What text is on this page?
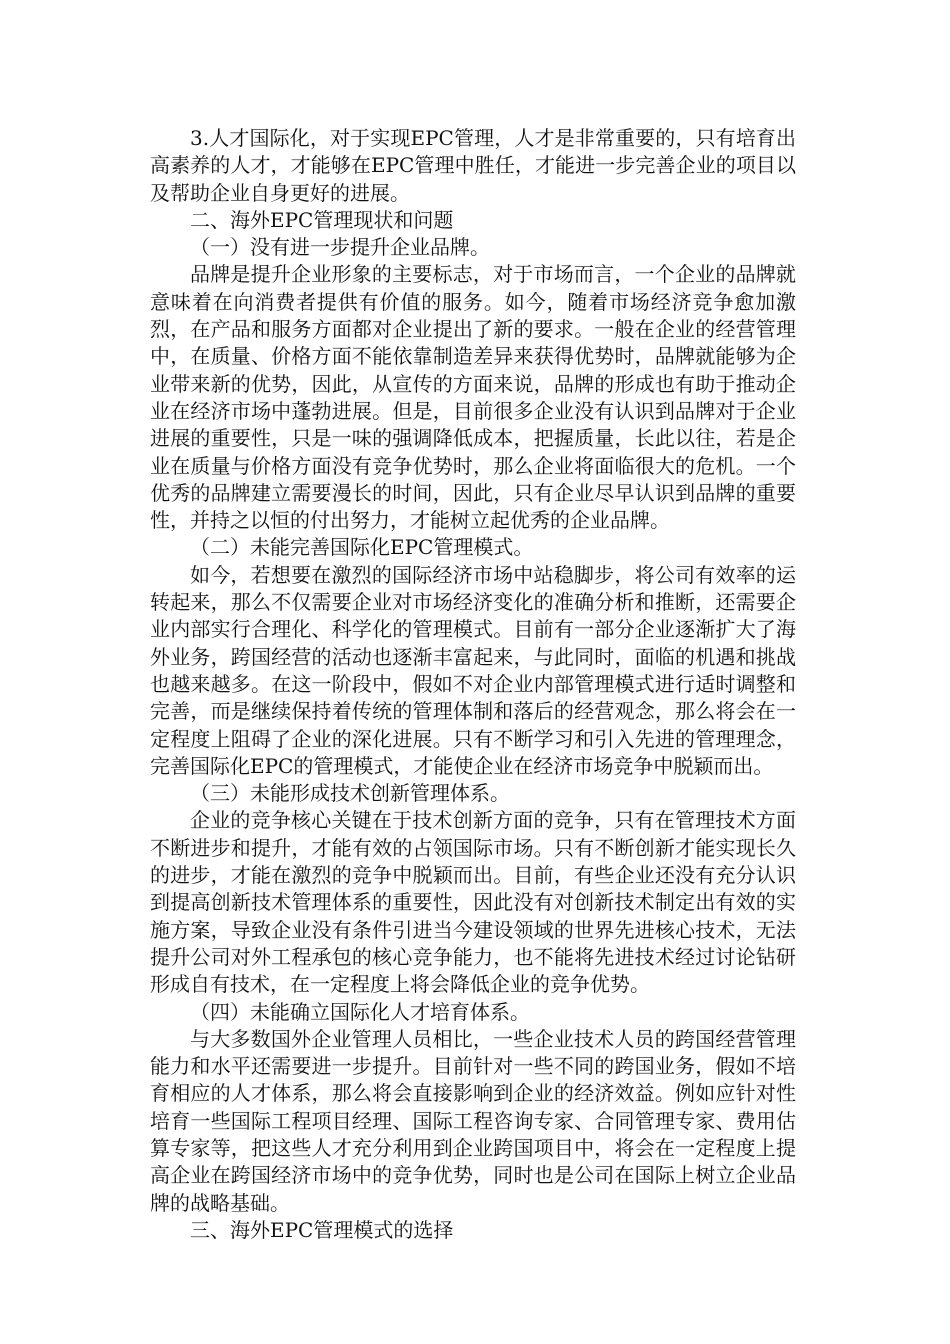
3.人才国际化，对于实现EPC管理，人才是非常重要的，只有培育出高素养的人才，才能够在EPC管理中胜任，才能进一步完善企业的项目以及帮助企业自身更好的进展。

二、海外EPC管理现状和问题

（一）没有进一步提升企业品牌。

品牌是提升企业形象的主要标志，对于市场而言，一个企业的品牌就意味着在向消费者提供有价值的服务。如今，随着市场经济竞争愈加激烈，在产品和服务方面都对企业提出了新的要求。一般在企业的经营管理中，在质量、价格方面不能依靠制造差异来获得优势时，品牌就能够为企业带来新的优势，因此，从宣传的方面来说，品牌的形成也有助于推动企业在经济市场中蓬勃进展。但是，目前很多企业没有认识到品牌对于企业进展的重要性，只是一味的强调降低成本，把握质量，长此以往，若是企业在质量与价格方面没有竞争优势时，那么企业将面临很大的危机。一个优秀的品牌建立需要漫长的时间，因此，只有企业尽早认识到品牌的重要性，并持之以恒的付出努力，才能树立起优秀的企业品牌。

（二）未能完善国际化EPC管理模式。

如今，若想要在激烈的国际经济市场中站稳脚步，将公司有效率的运转起来，那么不仅需要企业对市场经济变化的准确分析和推断，还需要企业内部实行合理化、科学化的管理模式。目前有一部分企业逐渐扩大了海外业务，跨国经营的活动也逐渐丰富起来，与此同时，面临的机遇和挑战也越来越多。在这一阶段中，假如不对企业内部管理模式进行适时调整和完善，而是继续保持着传统的管理体制和落后的经营观念，那么将会在一定程度上阻碍了企业的深化进展。只有不断学习和引入先进的管理理念，完善国际化EPC的管理模式，才能使企业在经济市场竞争中脱颖而出。

（三）未能形成技术创新管理体系。

企业的竞争核心关键在于技术创新方面的竞争，只有在管理技术方面不断进步和提升，才能有效的占领国际市场。只有不断创新才能实现长久的进步，才能在激烈的竞争中脱颖而出。目前，有些企业还没有充分认识到提高创新技术管理体系的重要性，因此没有对创新技术制定出有效的实施方案，导致企业没有条件引进当今建设领域的世界先进核心技术，无法提升公司对外工程承包的核心竞争能力，也不能将先进技术经过讨论钻研形成自有技术，在一定程度上将会降低企业的竞争优势。

（四）未能确立国际化人才培育体系。

与大多数国外企业管理人员相比，一些企业技术人员的跨国经营管理能力和水平还需要进一步提升。目前针对一些不同的跨国业务，假如不培育相应的人才体系，那么将会直接影响到企业的经济效益。例如应针对性培育一些国际工程项目经理、国际工程咨询专家、合同管理专家、费用估算专家等，把这些人才充分利用到企业跨国项目中，将会在一定程度上提高企业在跨国经济市场中的竞争优势，同时也是公司在国际上树立企业品牌的战略基础。

三、海外EPC管理模式的选择
